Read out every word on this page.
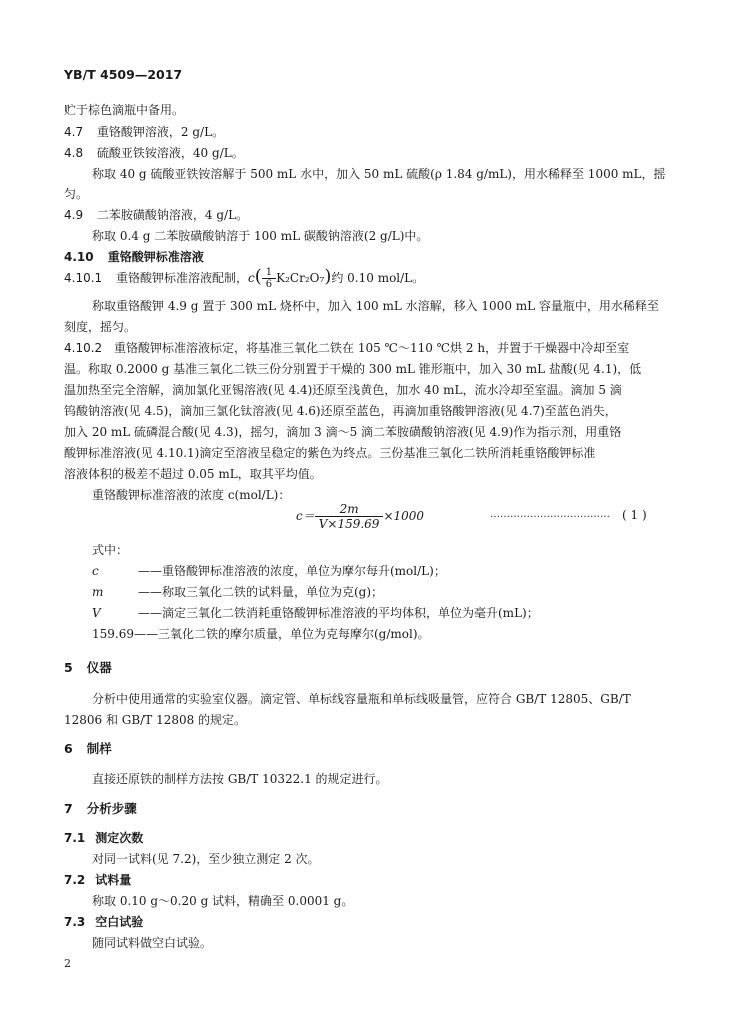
YB/T 4509—2017
贮于棕色滴瓶中备用。
4.7 重铬酸钾溶液，2 g/L。
4.8 硫酸亚铁铵溶液，40 g/L。
称取 40 g 硫酸亚铁铵溶解于 500 mL 水中，加入 50 mL 硫酸(ρ 1.84 g/mL)，用水稀释至 1000 mL，摇
匀。
4.9 二苯胺磺酸钠溶液，4 g/L。
称取 0.4 g 二苯胺磺酸钠溶于 100 mL 碳酸钠溶液(2 g/L)中。
4.10 重铬酸钾标准溶液
4.10.1 重铬酸钾标准溶液配制，$c( \frac{1}{6} K_2Cr_2O_7)$约 0.10 mol/L。
称取重铬酸钾 4.9 g 置于 300 mL 烧杯中，加入 100 mL 水溶解，移入 1000 mL 容量瓶中，用水稀释至
刻度，摇匀。
4.10.2 重铬酸钾标准溶液标定，将基准三氧化二铁在 105 ℃～110 ℃烘 2 h，并置于干燥器中冷却至室
温。称取 0.2000 g 基准三氧化二铁三份分别置于干燥的 300 mL 锥形瓶中，加入 30 mL 盐酸(见 4.1)，低
温加热至完全溶解，滴加氯化亚锡溶液(见 4.4)还原至浅黄色，加水 40 mL，流水冷却至室温。滴加 5 滴
钨酸钠溶液(见 4.5)，滴加三氯化钛溶液(见 4.6)还原至蓝色，再滴加重铬酸钾溶液(见 4.7)至蓝色消失，
加入 20 mL 硫磷混合酸(见 4.3)，摇匀，滴加 3 滴～5 滴二苯胺磺酸钠溶液(见 4.9)作为指示剂，用重铬
酸钾标准溶液(见 4.10.1)滴定至溶液呈稳定的紫色为终点。三份基准三氧化二铁所消耗重铬酸钾标准
溶液体积的极差不超过 0.05 mL，取其平均值。
重铬酸钾标准溶液的浓度 c(mol/L)：
$c= \frac{2m}{V\times 159.69} \times 1000$	……………………………… ( 1 )
式中：
c	——重铬酸钾标准溶液的浓度，单位为摩尔每升(mol/L)；
m	——称取三氧化二铁的试料量，单位为克(g)；
V	——滴定三氧化二铁消耗重铬酸钾标准溶液的平均体积，单位为毫升(mL)；
159.69——三氧化二铁的摩尔质量，单位为克每摩尔(g/mol)。
5 仪器
分析中使用通常的实验室仪器。滴定管、单标线容量瓶和单标线吸量管，应符合 GB/T 12805、GB/T
12806 和 GB/T 12808 的规定。
6 制样
直接还原铁的制样方法按 GB/T 10322.1 的规定进行。
7 分析步骤
7.1 测定次数
对同一试料(见 7.2)，至少独立测定 2 次。
7.2 试料量
称取 0.10 g～0.20 g 试料，精确至 0.0001 g。
7.3 空白试验
随同试料做空白试验。
2
